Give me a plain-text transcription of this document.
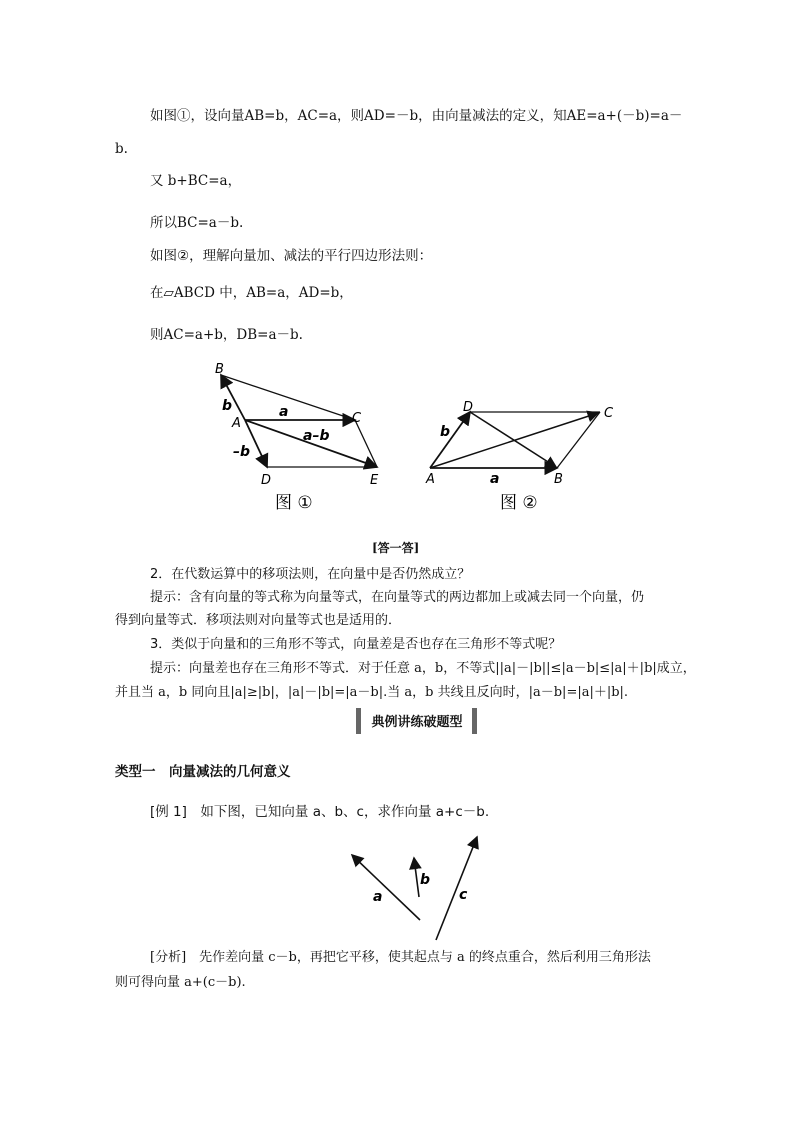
如图①，设向量AB=b，AC=a，则AD=－b，由向量减法的定义，知AE=a+(－b)=a－
b.
又 b+BC=a，
所以BC=a－b.
如图②，理解向量加、减法的平行四边形法则：
在▱ABCD 中，AB=a，AD=b，
则AC=a+b，DB=a－b.
B
A
D
C
E
a
b
a–b
–b
图 ①
A	B
C
D
a
b
图 ②
[答一答]
2．在代数运算中的移项法则，在向量中是否仍然成立？
提示：含有向量的等式称为向量等式，在向量等式的两边都加上或减去同一个向量，仍
得到向量等式．移项法则对向量等式也是适用的．
3．类似于向量和的三角形不等式，向量差是否也存在三角形不等式呢？
提示：向量差也存在三角形不等式．对于任意 a，b，不等式||a|－|b||≤|a－b|≤|a|＋|b|成立，
并且当 a，b 同向且|a|≥|b|，|a|－|b|=|a－b|.当 a，b 共线且反向时，|a－b|=|a|＋|b|.
典例讲练破题型
类型一　向量减法的几何意义
[例 1]　如下图，已知向量 a、b、c，求作向量 a+c－b.
a
b
c
[分析]　先作差向量 c－b，再把它平移，使其起点与 a 的终点重合，然后利用三角形法
则可得向量 a+(c－b).
